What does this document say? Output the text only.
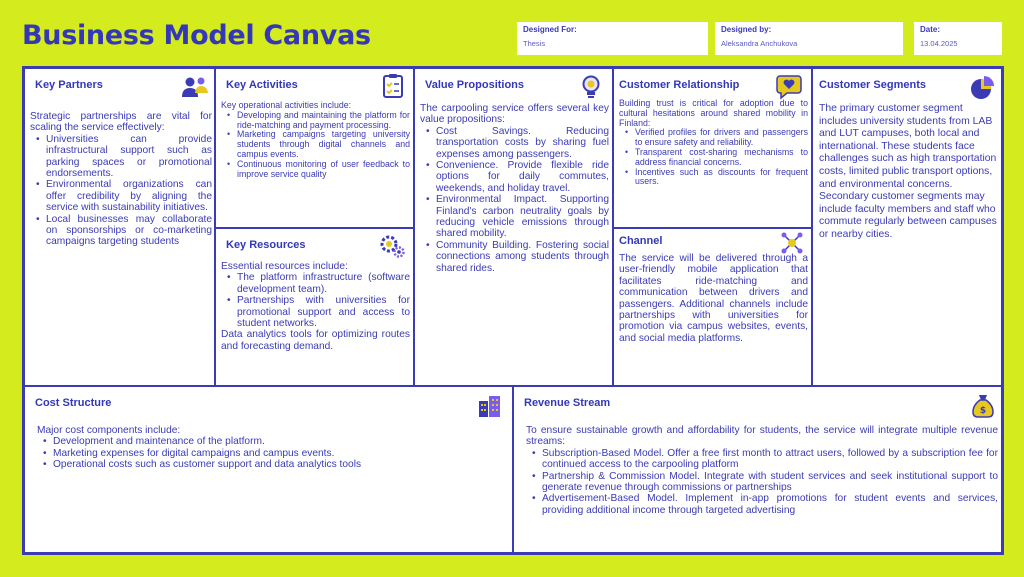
Business Model Canvas	Designed For:
Thesis
Designed by:
Aleksandra Anchukova
Date:
13.04.2025
Key Partners
Strategic partnerships are vital for scaling the service effectively:
• Universities can provide infrastructural support such as parking spaces or promotional endorsements.
• Environmental organizations can offer credibility by aligning the service with sustainability initiatives.
• Local businesses may collaborate on sponsorships or co-marketing campaigns targeting students
Key Activities
Key operational activities include:
• Developing and maintaining the platform for ride-matching and payment processing.
• Marketing campaigns targeting university students through digital channels and campus events.
• Continuous monitoring of user feedback to improve service quality
Key Resources
Essential resources include:
• The platform infrastructure (software development team).
• Partnerships with universities for promotional support and access to student networks.
Data analytics tools for optimizing routes and forecasting demand.
Value Propositions
The carpooling service offers several key value propositions:
• Cost Savings. Reducing transportation costs by sharing fuel expenses among passengers.
• Convenience. Provide flexible ride options for daily commutes, weekends, and holiday travel.
• Environmental Impact. Supporting Finland's carbon neutrality goals by reducing vehicle emissions through shared mobility.
• Community Building. Fostering social connections among students through shared rides.
Customer Relationship
Building trust is critical for adoption due to cultural hesitations around shared mobility in Finland:
• Verified profiles for drivers and passengers to ensure safety and reliability.
• Transparent cost-sharing mechanisms to address financial concerns.
• Incentives such as discounts for frequent users.
Channel
The service will be delivered through a user-friendly mobile application that facilitates ride-matching and communication between drivers and passengers. Additional channels include partnerships with universities for promotion via campus websites, events, and social media platforms.
Customer Segments
The primary customer segment includes university students from LAB and LUT campuses, both local and international. These students face challenges such as high transportation costs, limited public transport options, and environmental concerns. Secondary customer segments may include faculty members and staff who commute regularly between campuses or nearby cities.
Cost Structure
Major cost components include:
• Development and maintenance of the platform.
• Marketing expenses for digital campaigns and campus events.
• Operational costs such as customer support and data analytics tools
Revenue Stream
$
To ensure sustainable growth and affordability for students, the service will integrate multiple revenue streams:
• Subscription-Based Model. Offer a free first month to attract users, followed by a subscription fee for continued access to the carpooling platform
• Partnership & Commission Model. Integrate with student services and seek institutional support to generate revenue through commissions or partnerships
• Advertisement-Based Model. Implement in-app promotions for student events and services, providing additional income through targeted advertising
